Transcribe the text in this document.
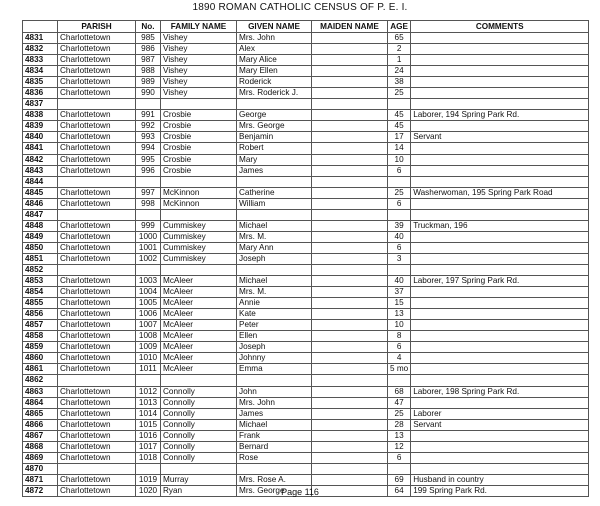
1890 ROMAN CATHOLIC CENSUS OF P. E. I.
	PARISH	No.	FAMILY NAME	GIVEN NAME	MAIDEN NAME	AGE	COMMENTS
4831	Charlottetown	985	Vishey	Mrs. John		65	
4832	Charlottetown	986	Vishey	Alex		2	
4833	Charlottetown	987	Vishey	Mary Alice		1	
4834	Charlottetown	988	Vishey	Mary Ellen		24	
4835	Charlottetown	989	Vishey	Roderick		38	
4836	Charlottetown	990	Vishey	Mrs. Roderick J.		25	
4837							
4838	Charlottetown	991	Crosbie	George		45	Laborer, 194 Spring Park Rd.
4839	Charlottetown	992	Crosbie	Mrs. George		45	
4840	Charlottetown	993	Crosbie	Benjamin		17	Servant
4841	Charlottetown	994	Crosbie	Robert		14	
4842	Charlottetown	995	Crosbie	Mary		10	
4843	Charlottetown	996	Crosbie	James		6	
4844							
4845	Charlottetown	997	McKinnon	Catherine		25	Washerwoman, 195 Spring Park Road
4846	Charlottetown	998	McKinnon	William		6	
4847							
4848	Charlottetown	999	Cummiskey	Michael		39	Truckman, 196
4849	Charlottetown	1000	Cummiskey	Mrs. M.		40	
4850	Charlottetown	1001	Cummiskey	Mary Ann		6	
4851	Charlottetown	1002	Cummiskey	Joseph		3	
4852							
4853	Charlottetown	1003	McAleer	Michael		40	Laborer, 197 Spring Park Rd.
4854	Charlottetown	1004	McAleer	Mrs. M.		37	
4855	Charlottetown	1005	McAleer	Annie		15	
4856	Charlottetown	1006	McAleer	Kate		13	
4857	Charlottetown	1007	McAleer	Peter		10	
4858	Charlottetown	1008	McAleer	Ellen		8	
4859	Charlottetown	1009	McAleer	Joseph		6	
4860	Charlottetown	1010	McAleer	Johnny		4	
4861	Charlottetown	1011	McAleer	Emma		5 mo	
4862							
4863	Charlottetown	1012	Connolly	John		68	Laborer, 198 Spring Park Rd.
4864	Charlottetown	1013	Connolly	Mrs. John		47	
4865	Charlottetown	1014	Connolly	James		25	Laborer
4866	Charlottetown	1015	Connolly	Michael		28	Servant
4867	Charlottetown	1016	Connolly	Frank		13	
4868	Charlottetown	1017	Connolly	Bernard		12	
4869	Charlottetown	1018	Connolly	Rose		6	
4870							
4871	Charlottetown	1019	Murray	Mrs. Rose A.		69	Husband in country
4872	Charlottetown	1020	Ryan	Mrs. George		64	199 Spring Park Rd.
Page 116
